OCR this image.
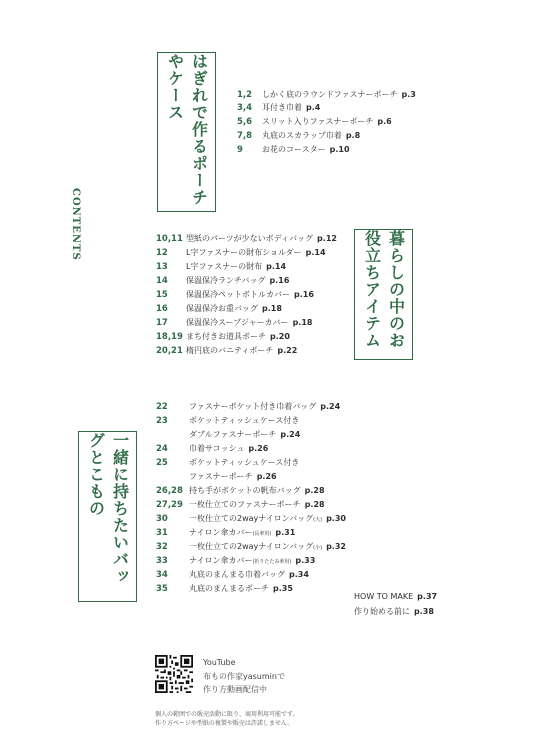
CONTENTS
はぎれで作るポーチやケース
暮らしの中のお役立ちアイテム
一緒に持ちたいバッグとこもの
1,2 しかく底のラウンドファスナーポーチ p.3
3,4 耳付き巾着 p.4
5,6 スリット入りファスナーポーチ p.6
7,8 丸底のスカラップ巾着 p.8
9 お花のコースター p.10
10,11 型紙のパーツが少ないボディバッグ p.12
12 L字ファスナーの財布ショルダー p.14
13 L字ファスナーの財布 p.14
14 保温保冷ランチバッグ p.16
15 保温保冷ペットボトルカバー p.16
16 保温保冷お重バッグ p.18
17 保温保冷スープジャーカバー p.18
18,19 まち付きお道具ポーチ p.20
20,21 楕円底のバニティポーチ p.22
22	ファスナーポケット付き巾着バッグ p.24
23	ポケットティッシュケース付き
ダブルファスナーポーチ p.24
24	巾着サコッシュ p.26
25	ポケットティッシュケース付き
ファスナーポーチ p.26
26,28 持ち手がポケットの帆布バッグ p.28
27,29 一枚仕立てのファスナーポーチ p.28
30	一枚仕立ての2wayナイロンバッグ(大) p.30
31	ナイロン傘カバー(長傘用) p.31
32	一枚仕立ての2wayナイロンバッグ(小) p.32
33	ナイロン傘カバー(折りたたみ傘用) p.33
34	丸底のまんまる巾着バッグ p.34
35	丸底のまんまるポーチ p.35
HOW TO MAKE p.37
作り始める前に p.38
YouTube
布もの作家yasuminで
作り方動画配信中
個人の範囲での販売活動に限り、商用利用可能です。
作り方ページや型紙の複製や販売は許諾しません。
